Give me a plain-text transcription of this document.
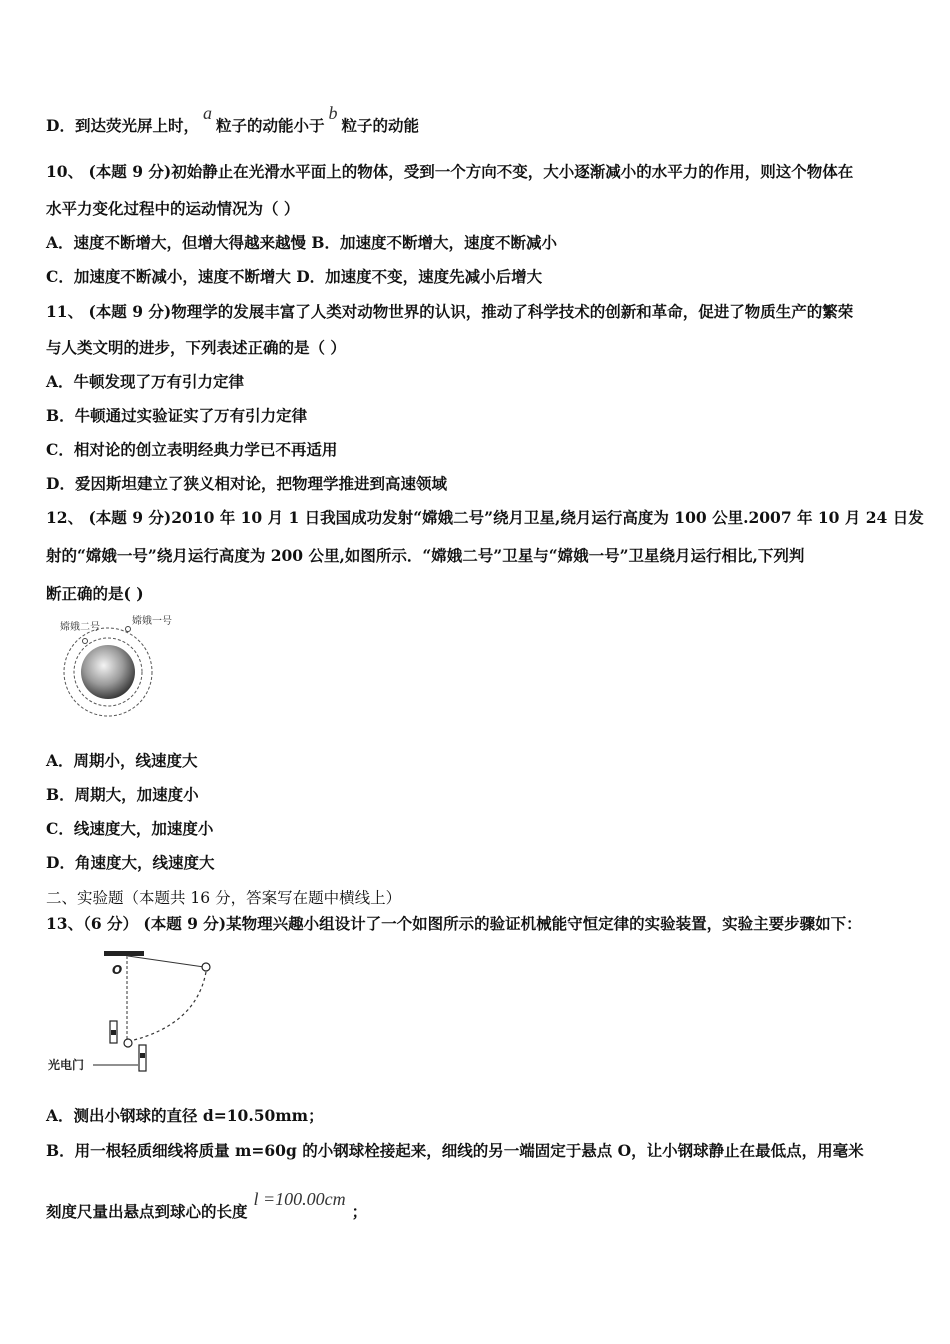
D．到达荧光屏上时，a粒子的动能小于b粒子的动能
10、 (本题 9 分)初始静止在光滑水平面上的物体，受到一个方向不变，大小逐渐减小的水平力的作用，则这个物体在
水平力变化过程中的运动情况为（ ）
A．速度不断增大，但增大得越来越慢 B．加速度不断增大，速度不断减小
C．加速度不断减小，速度不断增大 D．加速度不变，速度先减小后增大
11、 (本题 9 分)物理学的发展丰富了人类对动物世界的认识，推动了科学技术的创新和革命，促进了物质生产的繁荣
与人类文明的进步，下列表述正确的是（ ）
A．牛顿发现了万有引力定律
B．牛顿通过实验证实了万有引力定律
C．相对论的创立表明经典力学已不再适用
D．爱因斯坦建立了狭义相对论，把物理学推进到高速领域
12、 (本题 9 分)2010 年 10 月 1 日我国成功发射“嫦娥二号”绕月卫星,绕月运行高度为 100 公里.2007 年 10 月 24 日发
射的“嫦娥一号”绕月运行高度为 200 公里,如图所示．“嫦娥二号”卫星与“嫦娥一号”卫星绕月运行相比,下列判
断正确的是( )
嫦娥二号
嫦娥一号
A．周期小，线速度大
B．周期大，加速度小
C．线速度大，加速度小
D．角速度大，线速度大
二、实验题（本题共 16 分，答案写在题中横线上）
13、（6 分） (本题 9 分)某物理兴趣小组设计了一个如图所示的验证机械能守恒定律的实验装置，实验主要步骤如下：
O
光电门
A．测出小钢球的直径 d=10.50mm；
B．用一根轻质细线将质量 m=60g 的小钢球栓接起来，细线的另一端固定于悬点 O，让小钢球静止在最低点，用毫米
刻度尺量出悬点到球心的长度l =100.00cm；
